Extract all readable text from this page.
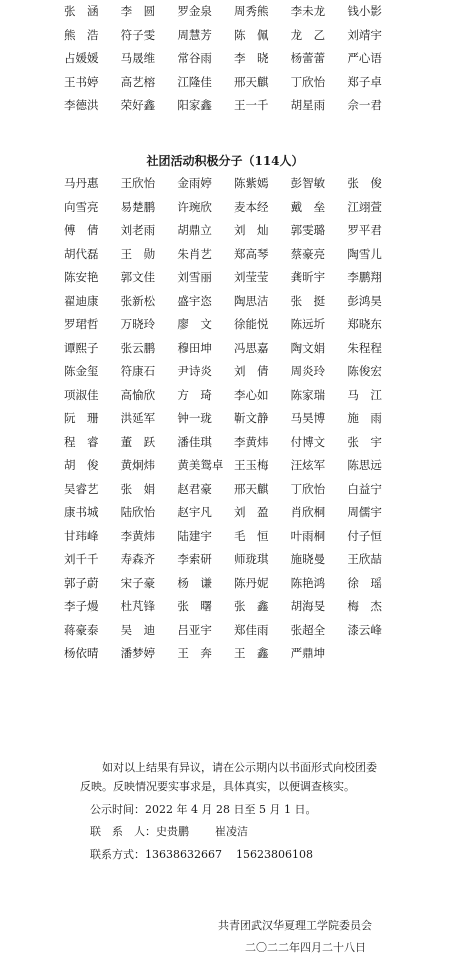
张　涵	李　圆	罗金泉	周秀熊	李未龙	钱小影
熊　浩	符子雯	周慧芳	陈　佩	龙　乙	刘靖宇
占媛媛	马晟维	常谷雨	李　晓	杨蕾蕾	严心语
王书婷	高艺榕	江隆佳	邢天麒	丁欣怡	郑子卓
李德洪	荣好鑫	阳家鑫	王一千	胡星雨	佘一君
社团活动积极分子（114人）
马丹惠	王欣怡	金雨婷	陈紫嫣	彭智敏	张　俊
向雪亮	易楚鹏	许琬欣	麦本经	戴　垒	江翊萱
傅　倩	刘老雨	胡鼎立	刘　灿	郭雯璐	罗平君
胡代磊	王　勋	朱肖艺	郑高琴	蔡豪亮	陶雪儿
陈安艳	郭文佳	刘雪丽	刘莹莹	龚昕宇	李鹏翔
翟迪康	张新松	盛宇恣	陶思洁	张　挺	彭鸿昊
罗珺哲	万晓玲	廖　文	徐能悦	陈远圻	郑晓东
谭熙子	张云鹏	穆田坤	冯思嘉	陶文娟	朱程程
陈金玺	符康石	尹诗炎	刘　倩	周炎玲	陈俊宏
项淑佳	高愉欣	方　琦	李心如	陈家瑞	马　江
阮　珊	洪延军	钟一珑	靳文静	马昊博	施　雨
程　睿	董　跃	潘佳琪	李黄炜	付博文	张　宇
胡　俊	黄炯炜	黄美鸳卓 王玉梅	汪炫军	陈思远
吴睿艺	张　娟	赵君豪	邢天麒	丁欣怡	白益宁
康书城	陆欣怡	赵宇凡	刘　盈	肖欣桐	周儒宇
甘玮峰	李黄炜	陆建宇	毛　恒	叶雨桐	付子恒
刘千千	寿森齐	李索研	师珑琪	施晓曼	王欣喆
郭子蔚	宋子豪	杨　谦	陈丹妮	陈艳鸿	徐　瑶
李子熳	杜芃锋	张　曙	张　鑫	胡海旻	梅　杰
蒋豪泰	吴　迪	吕亚宇	郑佳雨	张超全	漆云峰
杨依晴	潘梦婷	王　奔	王　鑫	严鼎坤

如对以上结果有异议，请在公示期内以书面形式向校团委反映。反映情况要实事求是，具体真实，以便调查核实。

公示时间：2022 年 4 月 28 日至 5 月 1 日。
联　系　人：史贵鹏 崔凌洁
联系方式：13638632667 15623806108
共青团武汉华夏理工学院委员会
二〇二二年四月二十八日
